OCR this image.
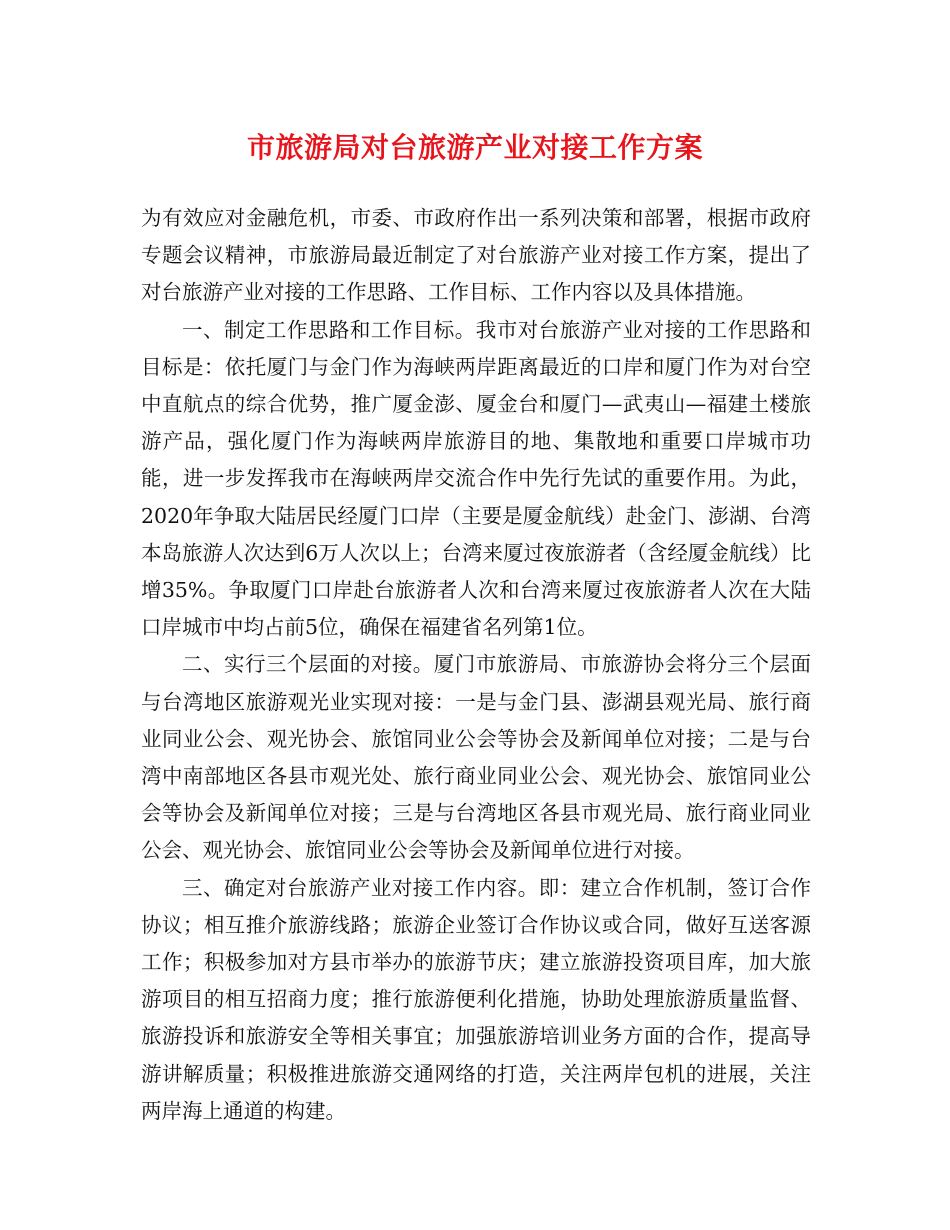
市旅游局对台旅游产业对接工作方案

为有效应对金融危机，市委、市政府作出一系列决策和部署，根据市政府专题会议精神，市旅游局最近制定了对台旅游产业对接工作方案，提出了对台旅游产业对接的工作思路、工作目标、工作内容以及具体措施。

一、制定工作思路和工作目标。我市对台旅游产业对接的工作思路和目标是：依托厦门与金门作为海峡两岸距离最近的口岸和厦门作为对台空中直航点的综合优势，推广厦金澎、厦金台和厦门—武夷山—福建土楼旅游产品，强化厦门作为海峡两岸旅游目的地、集散地和重要口岸城市功能，进一步发挥我市在海峡两岸交流合作中先行先试的重要作用。为此，2020年争取大陆居民经厦门口岸（主要是厦金航线）赴金门、澎湖、台湾本岛旅游人次达到6万人次以上；台湾来厦过夜旅游者（含经厦金航线）比增35%。争取厦门口岸赴台旅游者人次和台湾来厦过夜旅游者人次在大陆口岸城市中均占前5位，确保在福建省名列第1位。

二、实行三个层面的对接。厦门市旅游局、市旅游协会将分三个层面与台湾地区旅游观光业实现对接：一是与金门县、澎湖县观光局、旅行商业同业公会、观光协会、旅馆同业公会等协会及新闻单位对接；二是与台湾中南部地区各县市观光处、旅行商业同业公会、观光协会、旅馆同业公会等协会及新闻单位对接；三是与台湾地区各县市观光局、旅行商业同业公会、观光协会、旅馆同业公会等协会及新闻单位进行对接。

三、确定对台旅游产业对接工作内容。即：建立合作机制，签订合作协议；相互推介旅游线路；旅游企业签订合作协议或合同，做好互送客源工作；积极参加对方县市举办的旅游节庆；建立旅游投资项目库，加大旅游项目的相互招商力度；推行旅游便利化措施，协助处理旅游质量监督、旅游投诉和旅游安全等相关事宜；加强旅游培训业务方面的合作，提高导游讲解质量；积极推进旅游交通网络的打造，关注两岸包机的进展，关注两岸海上通道的构建。
